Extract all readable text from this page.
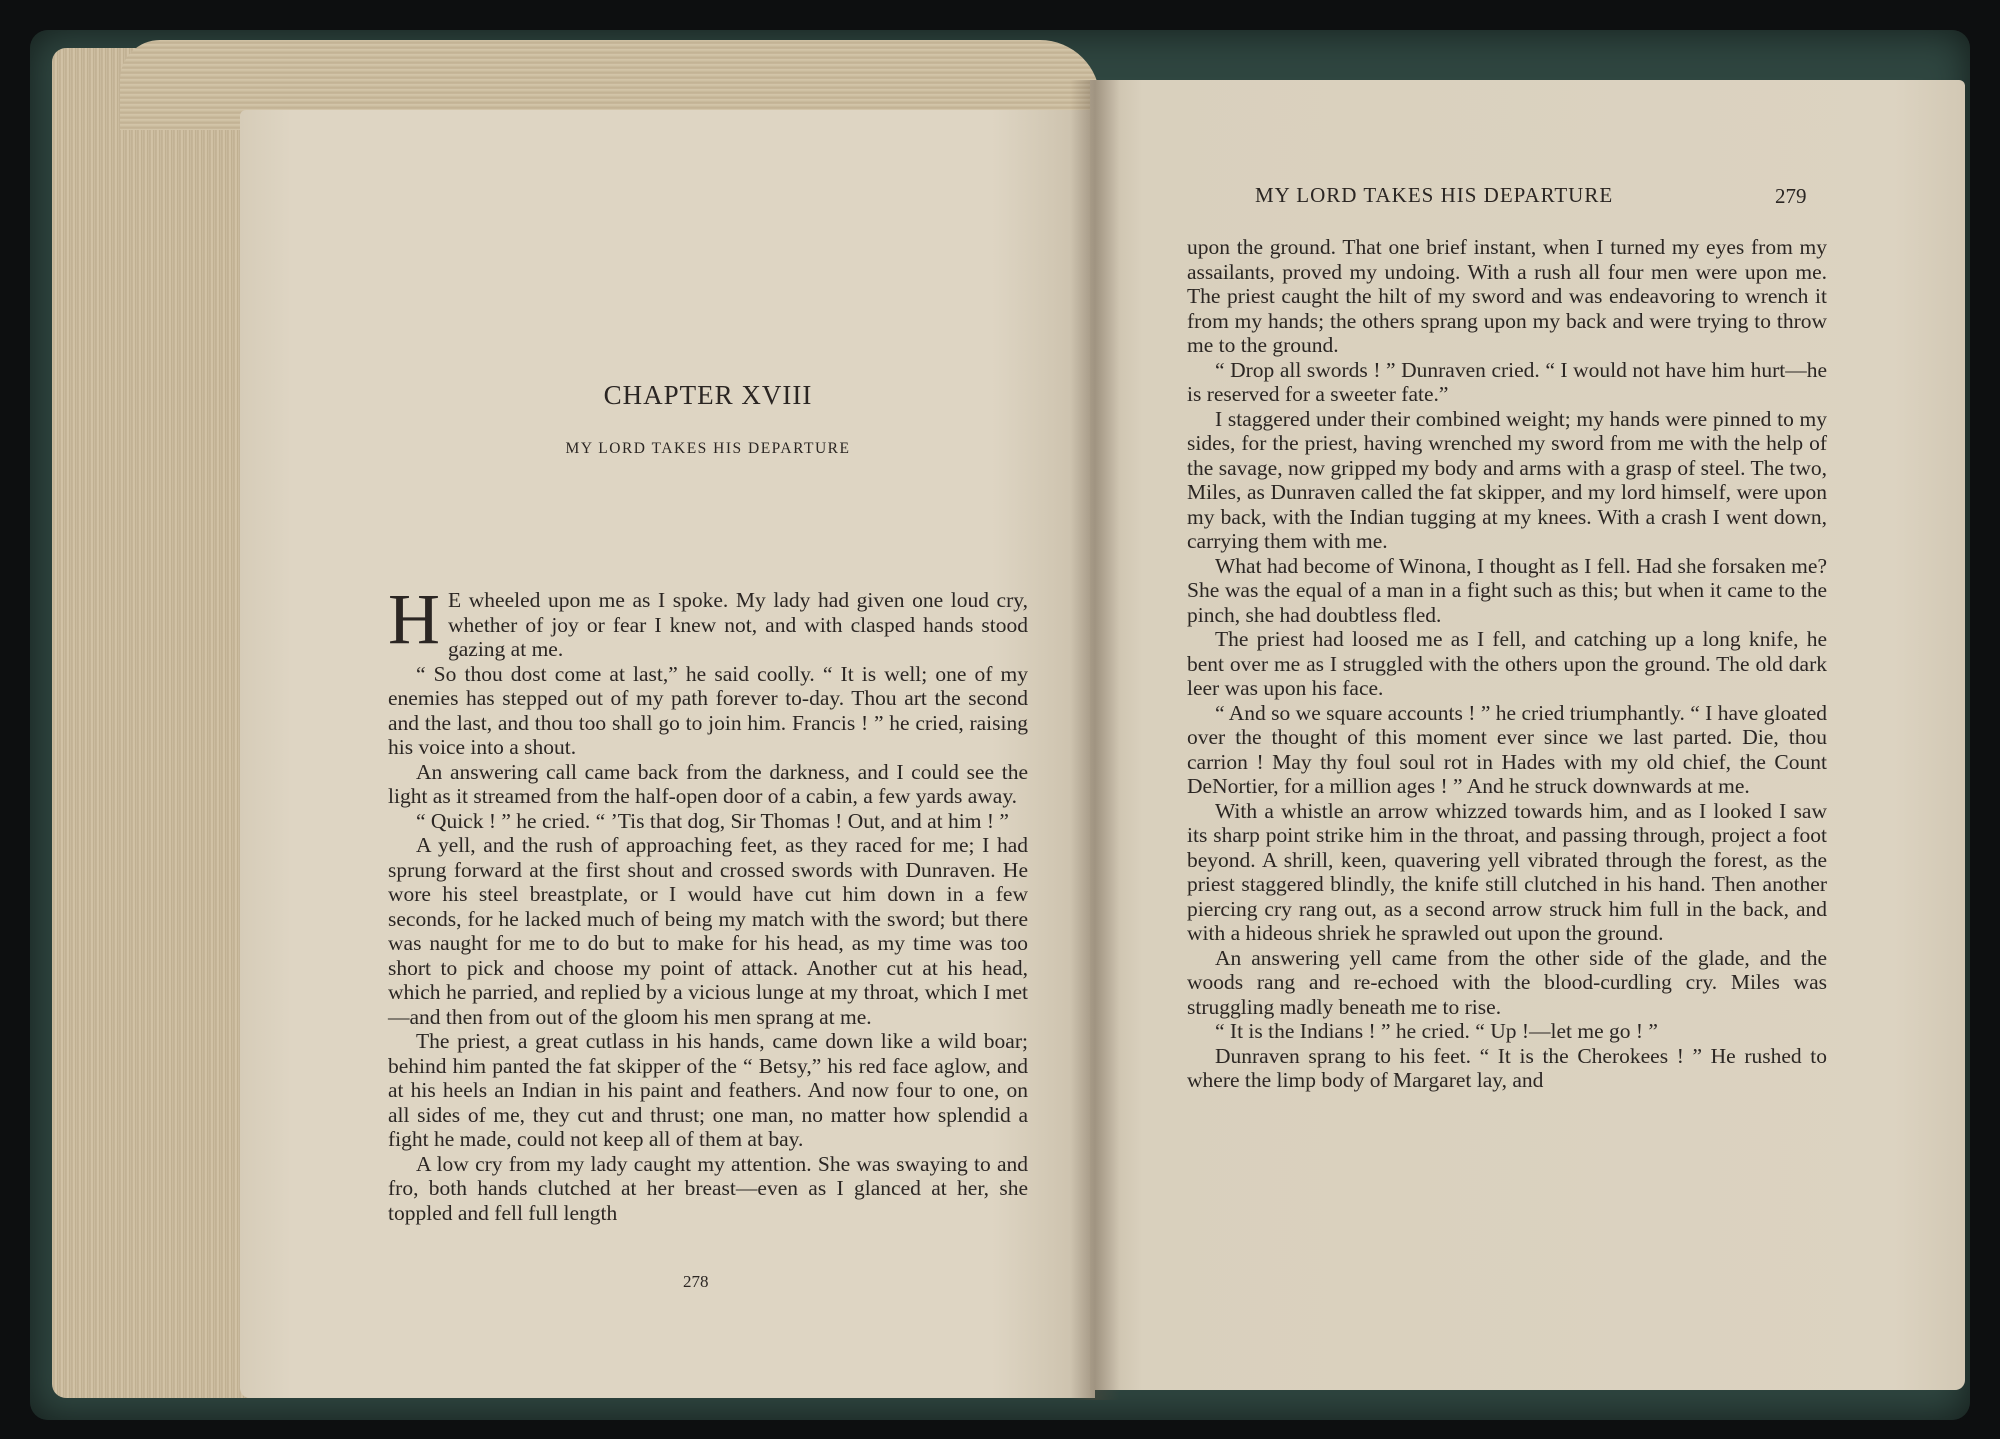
CHAPTER XVIII
MY LORD TAKES HIS DEPARTURE

H E wheeled upon me as I spoke. My lady had given one loud cry, whether of joy or fear I knew not, and with clasped hands stood gazing at me.

“ So thou dost come at last,” he said coolly. “ It is well; one of my enemies has stepped out of my path forever to-day. Thou art the second and the last, and thou too shall go to join him. Francis ! ” he cried, raising his voice into a shout.

An answering call came back from the darkness, and I could see the light as it streamed from the half-open door of a cabin, a few yards away.

“ Quick ! ” he cried. “ ’Tis that dog, Sir Thomas ! Out, and at him ! ”

A yell, and the rush of approaching feet, as they raced for me; I had sprung forward at the first shout and crossed swords with Dunraven. He wore his steel breastplate, or I would have cut him down in a few seconds, for he lacked much of being my match with the sword; but there was naught for me to do but to make for his head, as my time was too short to pick and choose my point of attack. Another cut at his head, which he parried, and replied by a vicious lunge at my throat, which I met—and then from out of the gloom his men sprang at me.

The priest, a great cutlass in his hands, came down like a wild boar; behind him panted the fat skipper of the “ Betsy,” his red face aglow, and at his heels an Indian in his paint and feathers. And now four to one, on all sides of me, they cut and thrust; one man, no matter how splendid a fight he made, could not keep all of them at bay.

A low cry from my lady caught my attention. She was swaying to and fro, both hands clutched at her breast—even as I glanced at her, she toppled and fell full length

278
MY LORD TAKES HIS DEPARTURE	279

upon the ground. That one brief instant, when I turned my eyes from my assailants, proved my undoing. With a rush all four men were upon me. The priest caught the hilt of my sword and was endeavoring to wrench it from my hands; the others sprang upon my back and were trying to throw me to the ground.

“ Drop all swords ! ” Dunraven cried. “ I would not have him hurt—he is reserved for a sweeter fate.”

I staggered under their combined weight; my hands were pinned to my sides, for the priest, having wrenched my sword from me with the help of the savage, now gripped my body and arms with a grasp of steel. The two, Miles, as Dunraven called the fat skipper, and my lord himself, were upon my back, with the Indian tugging at my knees. With a crash I went down, carrying them with me.

What had become of Winona, I thought as I fell. Had she forsaken me? She was the equal of a man in a fight such as this; but when it came to the pinch, she had doubtless fled.

The priest had loosed me as I fell, and catching up a long knife, he bent over me as I struggled with the others upon the ground. The old dark leer was upon his face.

“ And so we square accounts ! ” he cried triumphantly. “ I have gloated over the thought of this moment ever since we last parted. Die, thou carrion ! May thy foul soul rot in Hades with my old chief, the Count DeNortier, for a million ages ! ” And he struck downwards at me.

With a whistle an arrow whizzed towards him, and as I looked I saw its sharp point strike him in the throat, and passing through, project a foot beyond. A shrill, keen, quavering yell vibrated through the forest, as the priest staggered blindly, the knife still clutched in his hand. Then another piercing cry rang out, as a second arrow struck him full in the back, and with a hideous shriek he sprawled out upon the ground.

An answering yell came from the other side of the glade, and the woods rang and re-echoed with the blood-curdling cry. Miles was struggling madly beneath me to rise.

“ It is the Indians ! ” he cried. “ Up !—let me go ! ”

Dunraven sprang to his feet. “ It is the Cherokees ! ” He rushed to where the limp body of Margaret lay, and
